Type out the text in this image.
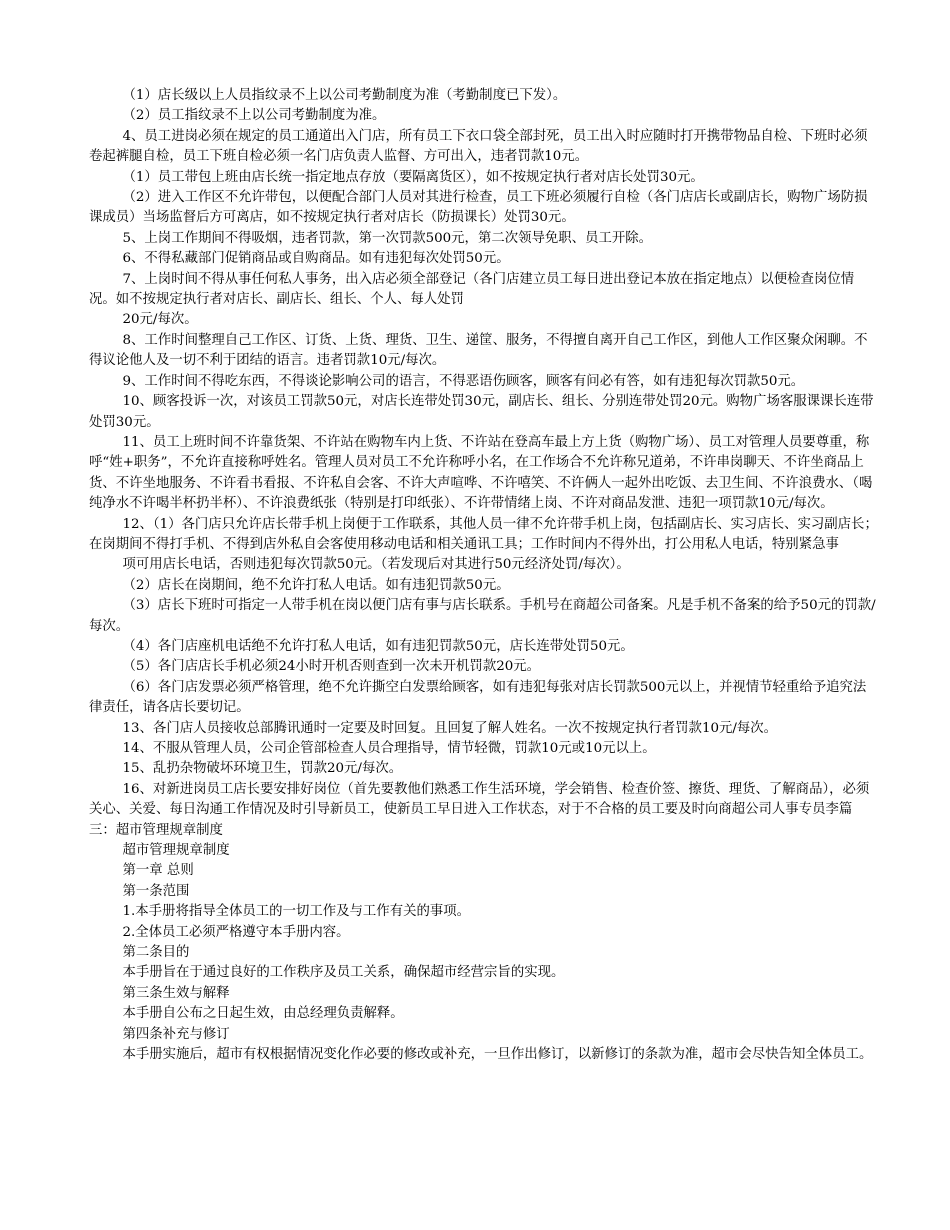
（1）店长级以上人员指纹录不上以公司考勤制度为准（考勤制度已下发）。

（2）员工指纹录不上以公司考勤制度为准。

4、员工进岗必须在规定的员工通道出入门店，所有员工下衣口袋全部封死，员工出入时应随时打开携带物品自检、下班时必须卷起裤腿自检，员工下班自检必须一名门店负责人监督、方可出入，违者罚款10元。

（1）员工带包上班由店长统一指定地点存放（要隔离货区），如不按规定执行者对店长处罚30元。

（2）进入工作区不允许带包，以便配合部门人员对其进行检查，员工下班必须履行自检（各门店店长或副店长，购物广场防损课成员）当场监督后方可离店，如不按规定执行者对店长（防损课长）处罚30元。

5、上岗工作期间不得吸烟，违者罚款，第一次罚款500元，第二次领导免职、员工开除。

6、不得私藏部门促销商品或自购商品。如有违犯每次处罚50元。

7、上岗时间不得从事任何私人事务，出入店必须全部登记（各门店建立员工每日进出登记本放在指定地点）以便检查岗位情况。如不按规定执行者对店长、副店长、组长、个人、每人处罚

20元/每次。

8、工作时间整理自己工作区、订货、上货、理货、卫生、递筐、服务，不得擅自离开自己工作区，到他人工作区聚众闲聊。不得议论他人及一切不利于团结的语言。违者罚款10元/每次。

9、工作时间不得吃东西，不得谈论影响公司的语言，不得恶语伤顾客，顾客有问必有答，如有违犯每次罚款50元。

10、顾客投诉一次，对该员工罚款50元，对店长连带处罚30元，副店长、组长、分别连带处罚20元。购物广场客服课课长连带处罚30元。

11、员工上班时间不许靠货架、不许站在购物车内上货、不许站在登高车最上方上货（购物广场）、员工对管理人员要尊重，称呼“姓+职务”，不允许直接称呼姓名。管理人员对员工不允许称呼小名，在工作场合不允许称兄道弟，不许串岗聊天、不许坐商品上货、不许坐地服务、不许看书看报、不许私自会客、不许大声喧哗、不许嘻笑、不许俩人一起外出吃饭、去卫生间、不许浪费水、（喝纯净水不许喝半杯扔半杯）、不许浪费纸张（特别是打印纸张）、不许带情绪上岗、不许对商品发泄、违犯一项罚款10元/每次。

12、（1）各门店只允许店长带手机上岗便于工作联系，其他人员一律不允许带手机上岗，包括副店长、实习店长、实习副店长；在岗期间不得打手机、不得到店外私自会客使用移动电话和相关通讯工具；工作时间内不得外出，打公用私人电话，特别紧急事

项可用店长电话，否则违犯每次罚款50元。（若发现后对其进行50元经济处罚/每次）。

（2）店长在岗期间，绝不允许打私人电话。如有违犯罚款50元。

（3）店长下班时可指定一人带手机在岗以便门店有事与店长联系。手机号在商超公司备案。凡是手机不备案的给予50元的罚款/每次。

（4）各门店座机电话绝不允许打私人电话，如有违犯罚款50元，店长连带处罚50元。

（5）各门店店长手机必须24小时开机否则查到一次未开机罚款20元。

（6）各门店发票必须严格管理，绝不允许撕空白发票给顾客，如有违犯每张对店长罚款500元以上，并视情节轻重给予追究法律责任，请各店长要切记。

13、各门店人员接收总部腾讯通时一定要及时回复。且回复了解人姓名。一次不按规定执行者罚款10元/每次。

14、不服从管理人员，公司企管部检查人员合理指导，情节轻微，罚款10元或10元以上。

15、乱扔杂物破坏环境卫生，罚款20元/每次。

16、对新进岗员工店长要安排好岗位（首先要教他们熟悉工作生活环境，学会销售、检查价签、擦货、理货、了解商品），必须关心、关爱、每日沟通工作情况及时引导新员工，使新员工早日进入工作状态，对于不合格的员工要及时向商超公司人事专员李篇三：超市管理规章制度

超市管理规章制度

第一章 总则

第一条范围

1.本手册将指导全体员工的一切工作及与工作有关的事项。

2.全体员工必须严格遵守本手册内容。

第二条目的

本手册旨在于通过良好的工作秩序及员工关系，确保超市经营宗旨的实现。

第三条生效与解释

本手册自公布之日起生效，由总经理负责解释。

第四条补充与修订

本手册实施后，超市有权根据情况变化作必要的修改或补充，一旦作出修订，以新修订的条款为准，超市会尽快告知全体员工。
